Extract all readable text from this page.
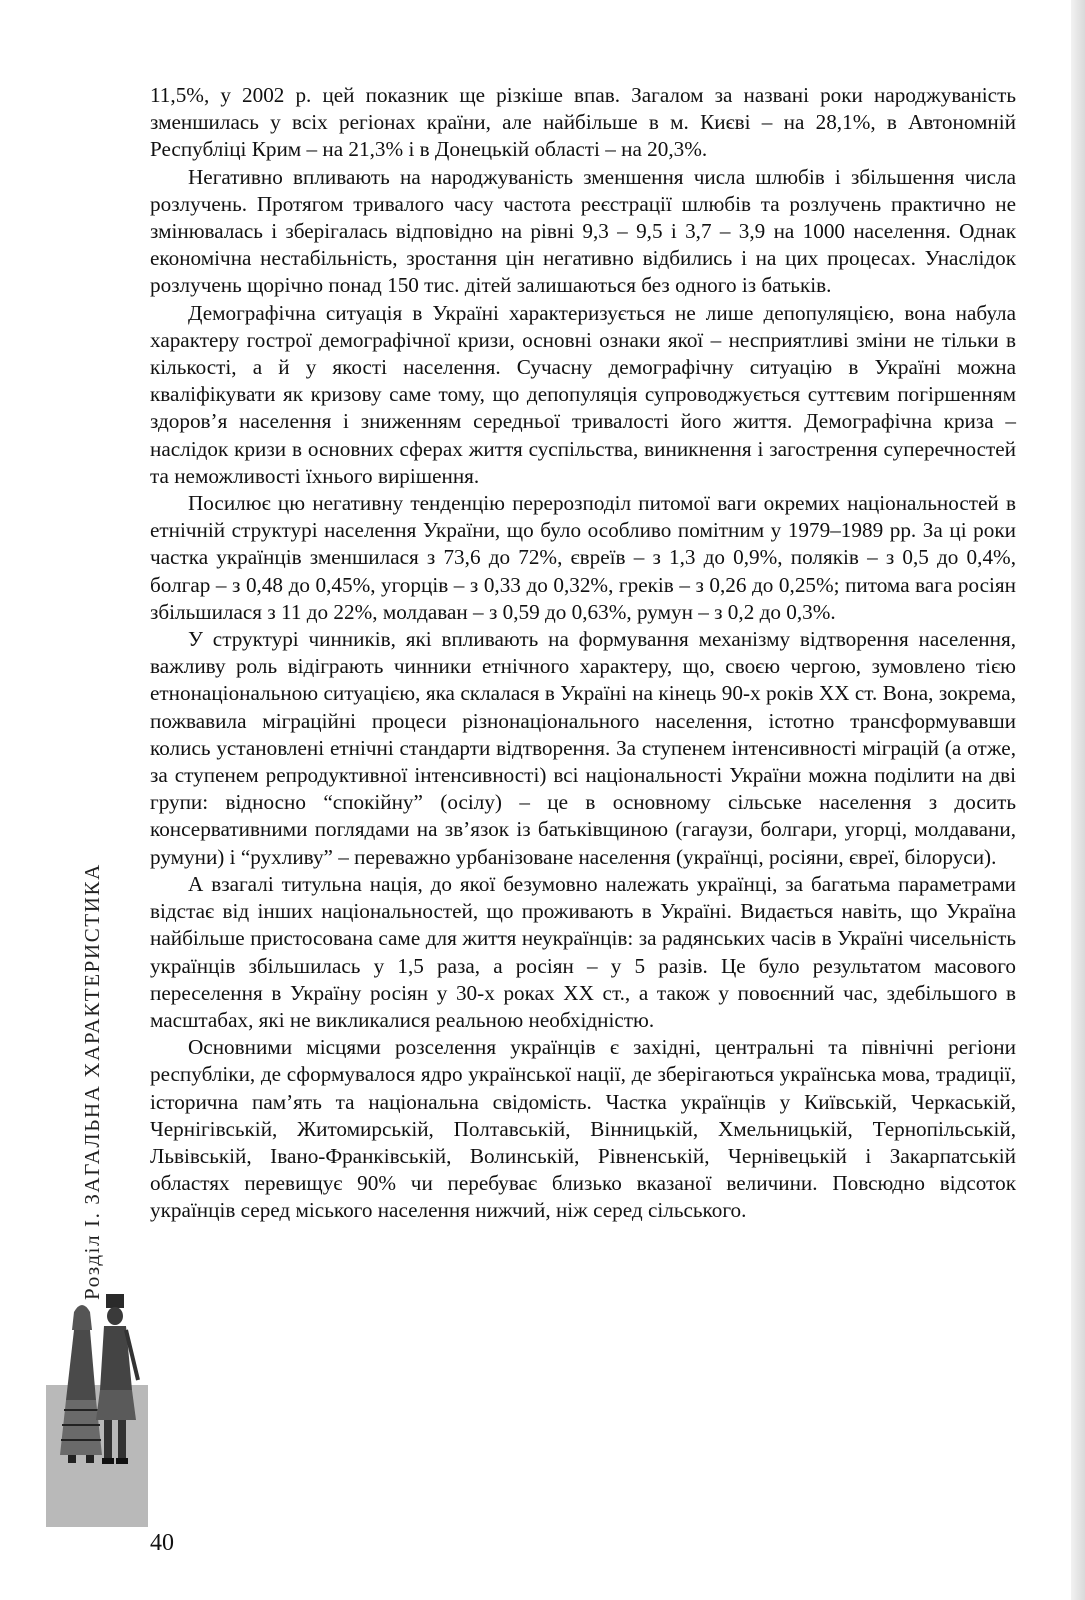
11,5%, у 2002 р. цей показник ще різкіше впав. Загалом за названі роки народжуваність зменшилась у всіх регіонах країни, але найбільше в м. Києві – на 28,1%, в Автономній Республіці Крим – на 21,3% і в Донецькій області – на 20,3%.

Негативно впливають на народжуваність зменшення числа шлюбів і збільшення числа розлучень. Протягом тривалого часу частота реєстрації шлюбів та розлучень практично не змінювалась і зберігалась відповідно на рівні 9,3 – 9,5 і 3,7 – 3,9 на 1000 населення. Однак економічна нестабільність, зростання цін негативно відбились і на цих процесах. Унаслідок розлучень щорічно понад 150 тис. дітей залишаються без одного із батьків.

Демографічна ситуація в Україні характеризується не лише депопуляцією, вона набула характеру гострої демографічної кризи, основні ознаки якої – несприятливі зміни не тільки в кількості, а й у якості населення. Сучасну демографічну ситуацію в Україні можна кваліфікувати як кризову саме тому, що депопуляція супроводжується суттєвим погіршенням здоров’я населення і зниженням середньої тривалості його життя. Демографічна криза – наслідок кризи в основних сферах життя суспільства, виникнення і загострення суперечностей та неможливості їхнього вирішення.

Посилює цю негативну тенденцію перерозподіл питомої ваги окремих національностей в етнічній структурі населення України, що було особливо помітним у 1979–1989 рр. За ці роки частка українців зменшилася з 73,6 до 72%, євреїв – з 1,3 до 0,9%, поляків – з 0,5 до 0,4%, болгар – з 0,48 до 0,45%, угорців – з 0,33 до 0,32%, греків – з 0,26 до 0,25%; питома вага росіян збільшилася з 11 до 22%, молдаван – з 0,59 до 0,63%, румун – з 0,2 до 0,3%.

У структурі чинників, які впливають на формування механізму відтворення населення, важливу роль відіграють чинники етнічного характеру, що, своєю чергою, зумовлено тією етнонаціональною ситуацією, яка склалася в Україні на кінець 90-х років XX ст. Вона, зокрема, пожвавила міграційні процеси різнонаціонального населення, істотно трансформувавши колись установлені етнічні стандарти відтворення. За ступенем інтенсивності міграцій (а отже, за ступенем репродуктивної інтенсивності) всі національності України можна поділити на дві групи: відносно “спокійну” (осілу) – це в основному сільське населення з досить консервативними поглядами на зв’язок із батьківщиною (гагаузи, болгари, угорці, молдавани, румуни) і “рухливу” – переважно урбанізоване населення (українці, росіяни, євреї, білоруси).

А взагалі титульна нація, до якої безумовно належать українці, за багатьма параметрами відстає від інших національностей, що проживають в Україні. Видається навіть, що Україна найбільше пристосована саме для життя неукраїнців: за радянських часів в Україні чисельність українців збільшилась у 1,5 раза, а росіян – у 5 разів. Це було результатом масового переселення в Україну росіян у 30-х роках XX ст., а також у повоєнний час, здебільшого в масштабах, які не викликалися реальною необхідністю.

Основними місцями розселення українців є західні, центральні та північні регіони республіки, де сформувалося ядро української нації, де зберігаються українська мова, традиції, історична пам’ять та національна свідомість. Частка українців у Київській, Черкаській, Чернігівській, Житомирській, Полтавській, Вінницькій, Хмельницькій, Тернопільській, Львівській, Івано-Франківській, Волинській, Рівненській, Чернівецькій і Закарпатській областях перевищує 90% чи перебуває близько вказаної величини. Повсюдно відсоток українців серед міського населення нижчий, ніж серед сільського.

Розділ І. ЗАГАЛЬНА ХАРАКТЕРИСТИКА
40
